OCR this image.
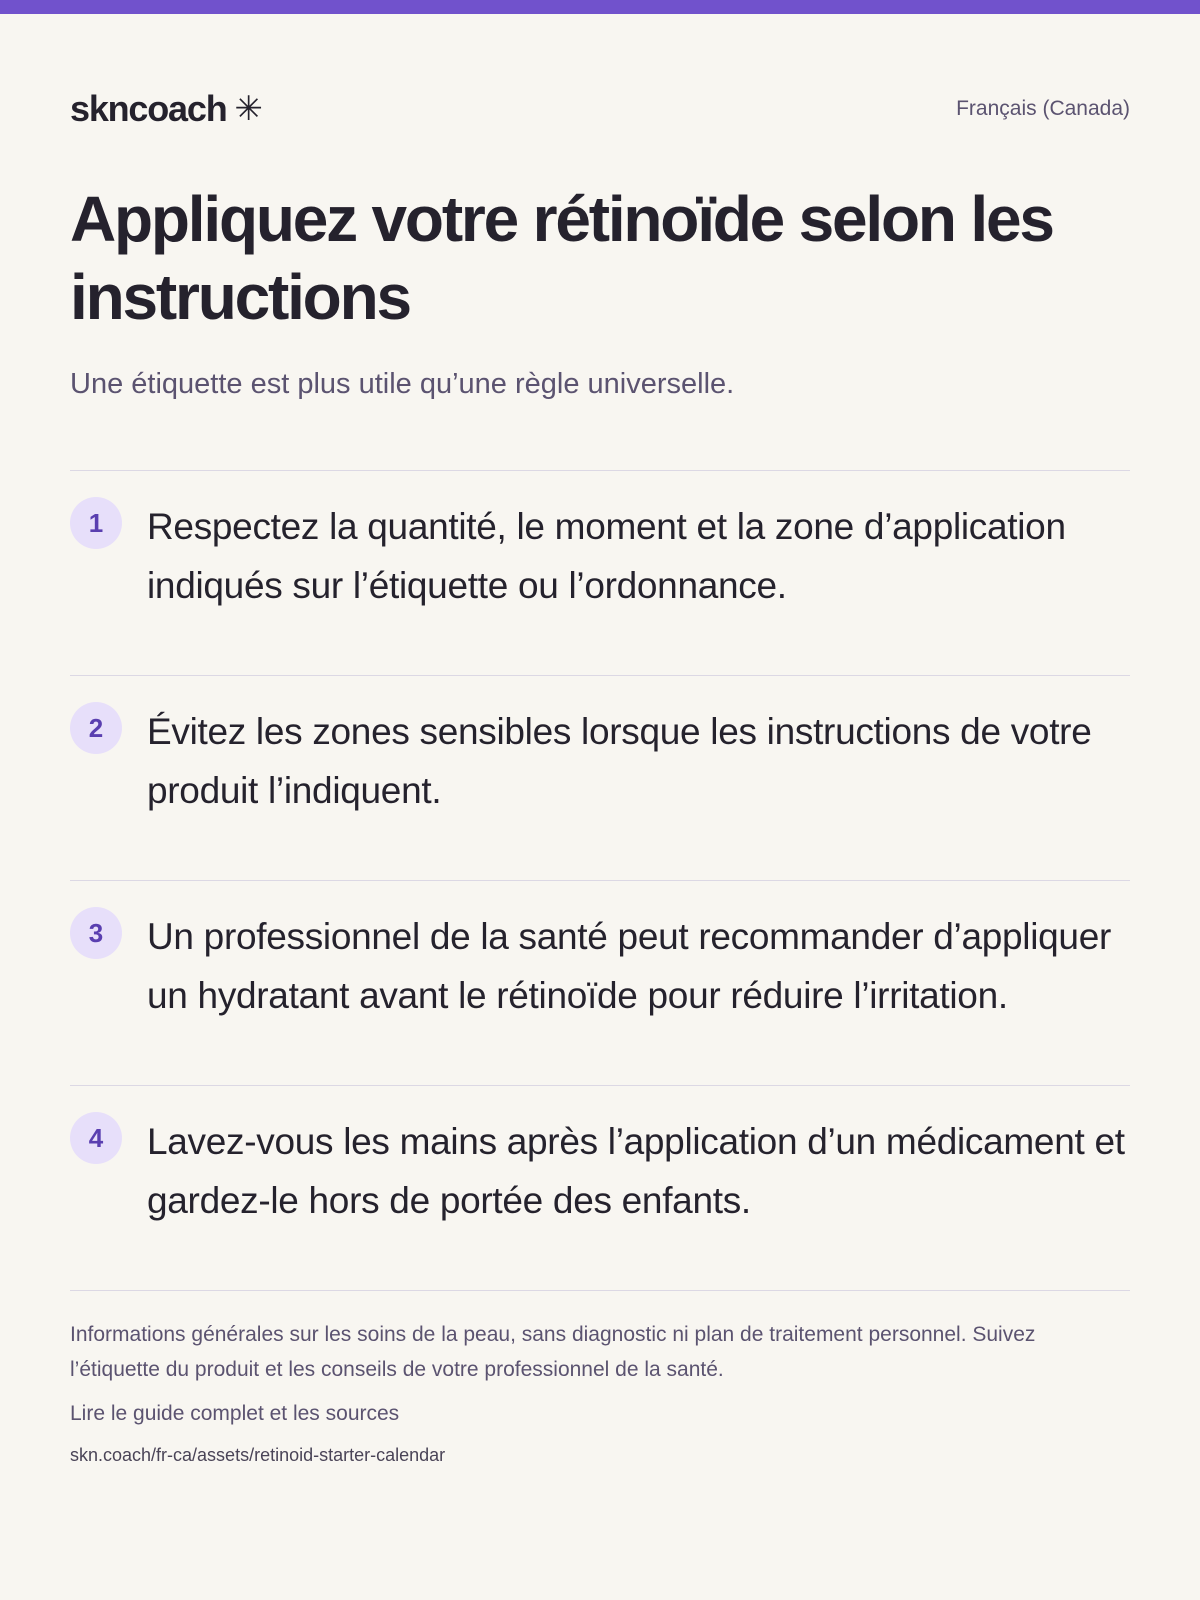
skncoach ✳	Français (Canada)
Appliquez votre rétinoïde selon les instructions

Une étiquette est plus utile qu’une règle universelle.

1	Respectez la quantité, le moment et la zone d’application indiqués sur l’étiquette ou l’ordonnance.
2	Évitez les zones sensibles lorsque les instructions de votre produit l’indiquent.
3	Un professionnel de la santé peut recommander d’appliquer un hydratant avant le rétinoïde pour réduire l’irritation.
4	Lavez-vous les mains après l’application d’un médicament et gardez-le hors de portée des enfants.

Informations générales sur les soins de la peau, sans diagnostic ni plan de traitement personnel. Suivez l’étiquette du produit et les conseils de votre professionnel de la santé.

Lire le guide complet et les sources
skn.coach/fr-ca/assets/retinoid-starter-calendar
